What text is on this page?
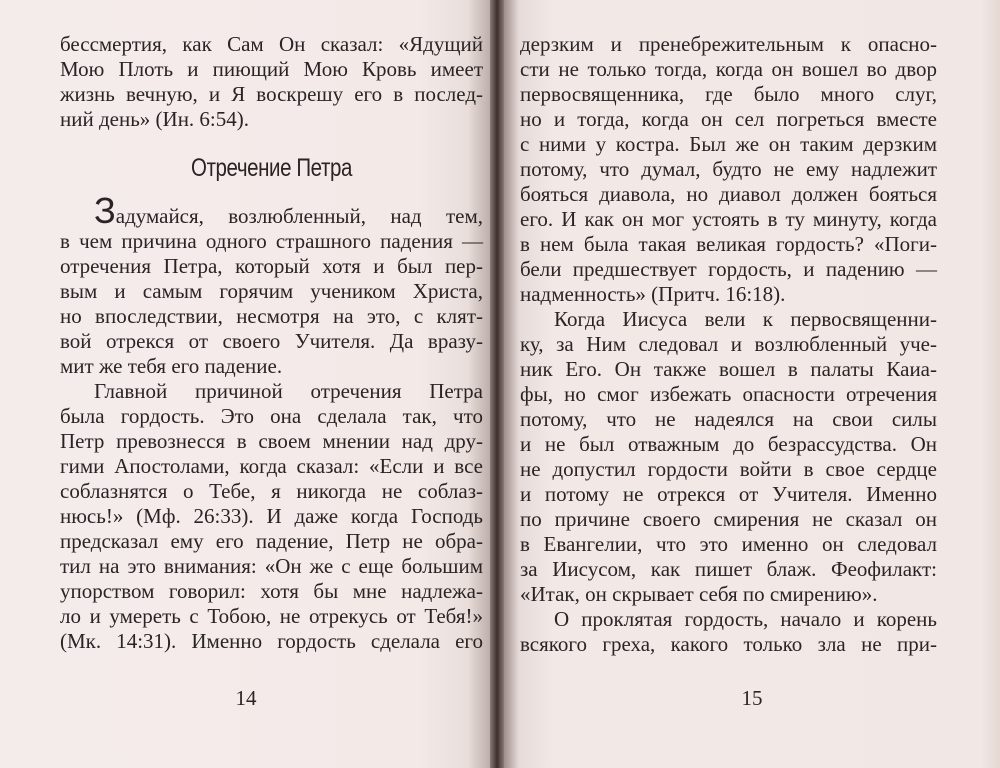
бессмертия, как Сам Он сказал: «Ядущий
Мою Плоть и пиющий Мою Кровь имеет
жизнь вечную, и Я воскрешу его в послед-
ний день» (Ин. 6:54).
Отречение Петра
Задумайся, возлюбленный, над тем,
в чем причина одного страшного падения —
отречения Петра, который хотя и был пер-
вым и самым горячим учеником Христа,
но впоследствии, несмотря на это, с клят-
вой отрекся от своего Учителя. Да вразу-
мит же тебя его падение.
Главной причиной отречения Петра
была гордость. Это она сделала так, что
Петр превознесся в своем мнении над дру-
гими Апостолами, когда сказал: «Если и все
соблазнятся о Тебе, я никогда не соблаз-
нюсь!» (Мф. 26:33). И даже когда Господь
предсказал ему его падение, Петр не обра-
тил на это внимания: «Он же с еще большим
упорством говорил: хотя бы мне надлежа-
ло и умереть с Тобою, не отрекусь от Тебя!»
(Мк. 14:31). Именно гордость сделала его
14
дерзким и пренебрежительным к опасно-
сти не только тогда, когда он вошел во двор
первосвященника, где было много слуг,
но и тогда, когда он сел погреться вместе
с ними у костра. Был же он таким дерзким
потому, что думал, будто не ему надлежит
бояться диавола, но диавол должен бояться
его. И как он мог устоять в ту минуту, когда
в нем была такая великая гордость? «Поги-
бели предшествует гордость, и падению —
надменность» (Притч. 16:18).
Когда Иисуса вели к первосвященни-
ку, за Ним следовал и возлюбленный уче-
ник Его. Он также вошел в палаты Каиа-
фы, но смог избежать опасности отречения
потому, что не надеялся на свои силы
и не был отважным до безрассудства. Он
не допустил гордости войти в свое сердце
и потому не отрекся от Учителя. Именно
по причине своего смирения не сказал он
в Евангелии, что это именно он следовал
за Иисусом, как пишет блаж. Феофилакт:
«Итак, он скрывает себя по смирению».
О проклятая гордость, начало и корень
всякого греха, какого только зла не при-
15
